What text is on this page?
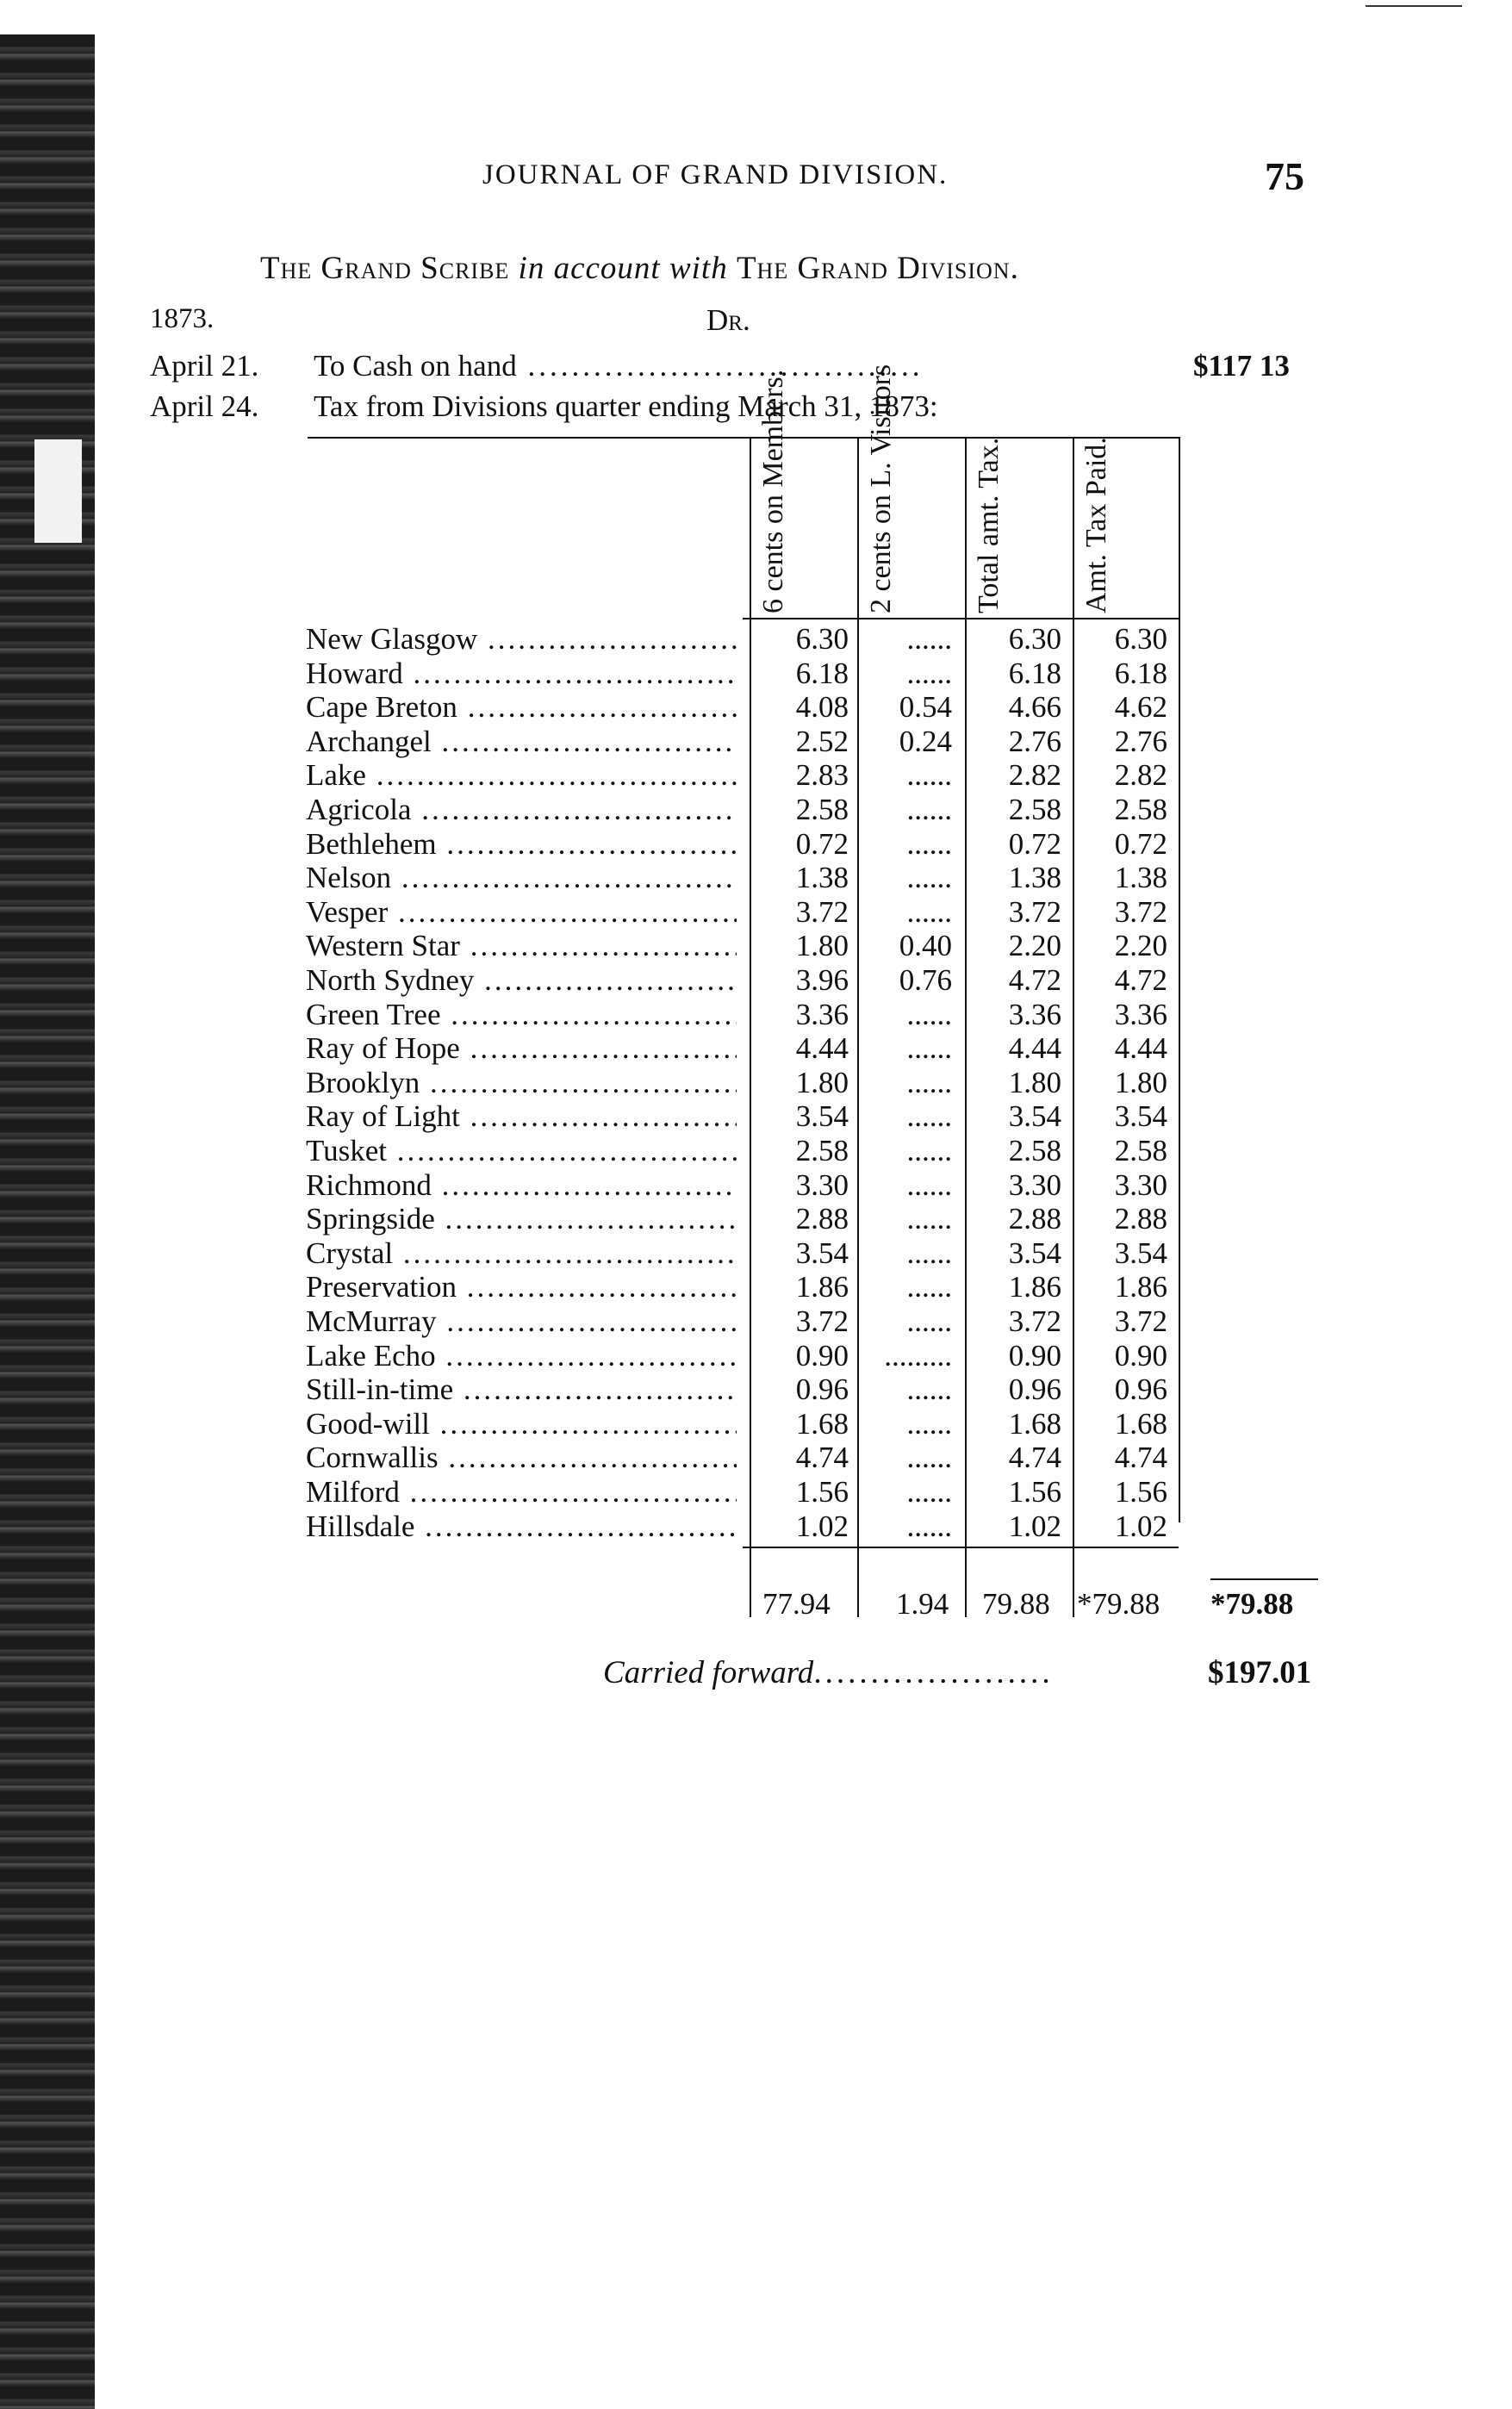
JOURNAL OF GRAND DIVISION.	75
The Grand Scribe in account with The Grand Division.
1873.	Dr.
April 21. To Cash on hand ....................................	$117 13
April 24. Tax from Divisions quarter ending March 31, 1873:
6 cents on Members.	2 cents on L. Visitors	Total amt. Tax.	Amt. Tax Paid.
New Glasgow .....	6.30	......	6.30	6.30
Howard .....	6.18	......	6.18	6.18
Cape Breton .....	4.08	0.54	4.66	4.62
Archangel .....	2.52	0.24	2.76	2.76
Lake .....	2.83	......	2.82	2.82
Agricola .....	2.58	......	2.58	2.58
Bethlehem .....	0.72	......	0.72	0.72
Nelson .....	1.38	......	1.38	1.38
Vesper .....	3.72	......	3.72	3.72
Western Star .....	1.80	0.40	2.20	2.20
North Sydney .....	3.96	0.76	4.72	4.72
Green Tree .....	3.36	......	3.36	3.36
Ray of Hope .....	4.44	......	4.44	4.44
Brooklyn .....	1.80	......	1.80	1.80
Ray of Light .....	3.54	......	3.54	3.54
Tusket .....	2.58	......	2.58	2.58
Richmond .....	3.30	......	3.30	3.30
Springside .....	2.88	......	2.88	2.88
Crystal .....	3.54	......	3.54	3.54
Preservation .....	1.86	......	1.86	1.86
McMurray .....	3.72	......	3.72	3.72
Lake Echo .....	0.90	.........	0.90	0.90
Still-in-time .....	0.96	......	0.96	0.96
Good-will .....	1.68	......	1.68	1.68
Cornwallis .....	4.74	......	4.74	4.74
Milford .....	1.56	......	1.56	1.56
Hillsdale .....	1.02	......	1.02	1.02
77.94 1.94 79.88 *79.88 *79.88
Carried forward.....................	$197.01
